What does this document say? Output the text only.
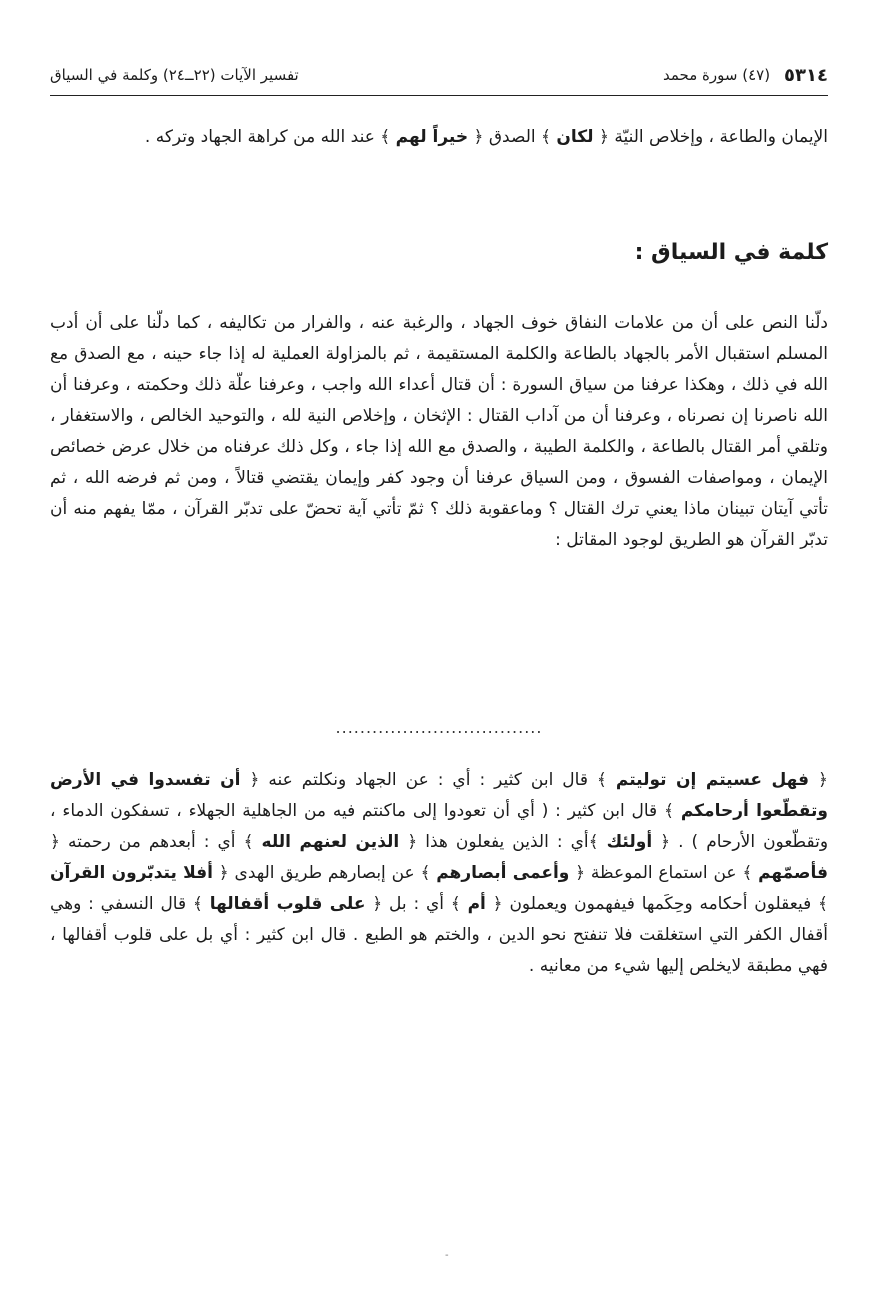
٥٣١٤
(٤٧) سورة محمد
تفسير الآيات (٢٢ــ٢٤) وكلمة في السياق

الإيمان والطاعة ، وإخلاص النيّة ﴿ لكان ﴾ الصدق ﴿ خيراً لهم ﴾ عند الله من كراهة الجهاد وتركه .

كلمة في السياق :

دلّنا النص على أن من علامات النفاق خوف الجهاد ، والرغبة عنه ، والفرار من تكاليفه ، كما دلّنا على أن أدب المسلم استقبال الأمر بالجهاد بالطاعة والكلمة المستقيمة ، ثم بالمزاولة العملية له إذا جاء حينه ، مع الصدق مع الله في ذلك ، وهكذا عرفنا من سياق السورة : أن قتال أعداء الله واجب ، وعرفنا علّة ذلك وحكمته ، وعرفنا أن الله ناصرنا إن نصرناه ، وعرفنا أن من آداب القتال : الإثخان ، وإخلاص النية لله ، والتوحيد الخالص ، والاستغفار ، وتلقي أمر القتال بالطاعة ، والكلمة الطيبة ، والصدق مع الله إذا جاء ، وكل ذلك عرفناه من خلال عرض خصائص الإيمان ، ومواصفات الفسوق ، ومن السياق عرفنا أن وجود كفر وإيمان يقتضي قتالاً ، ومن ثم فرضه الله ، ثم تأتي آيتان تبينان ماذا يعني ترك القتال ؟ وماعقوبة ذلك ؟ ثمّ تأتي آية تحضّ على تدبّر القرآن ، ممّا يفهم منه أن تدبّر القرآن هو الطريق لوجود المقاتل :

..................................

﴿ فهل عسيتم إن توليتم ﴾ قال ابن كثير : أي : عن الجهاد ونكلتم عنه ﴿ أن تفسدوا في الأرض وتقطّعوا أرحامكم ﴾ قال ابن كثير : ( أي أن تعودوا إلى ماكنتم فيه من الجاهلية الجهلاء ، تسفكون الدماء ، وتقطّعون الأرحام ) . ﴿ أولئك ﴾أي : الذين يفعلون هذا ﴿ الذين لعنهم الله ﴾ أي : أبعدهم من رحمته ﴿ فأصمّهم ﴾ عن استماع الموعظة ﴿ وأعمى أبصارهم ﴾ عن إبصارهم طريق الهدى ﴿ أفلا يتدبّرون القرآن ﴾ فيعقلون أحكامه وحِكَمها فيفهمون ويعملون ﴿ أم ﴾ أي : بل ﴿ على قلوب أقفالها ﴾ قال النسفي : وهي أقفال الكفر التي استغلقت فلا تنفتح نحو الدين ، والختم هو الطبع . قال ابن كثير : أي بل على قلوب أقفالها ، فهي مطبقة لايخلص إليها شيء من معانيه .

-
